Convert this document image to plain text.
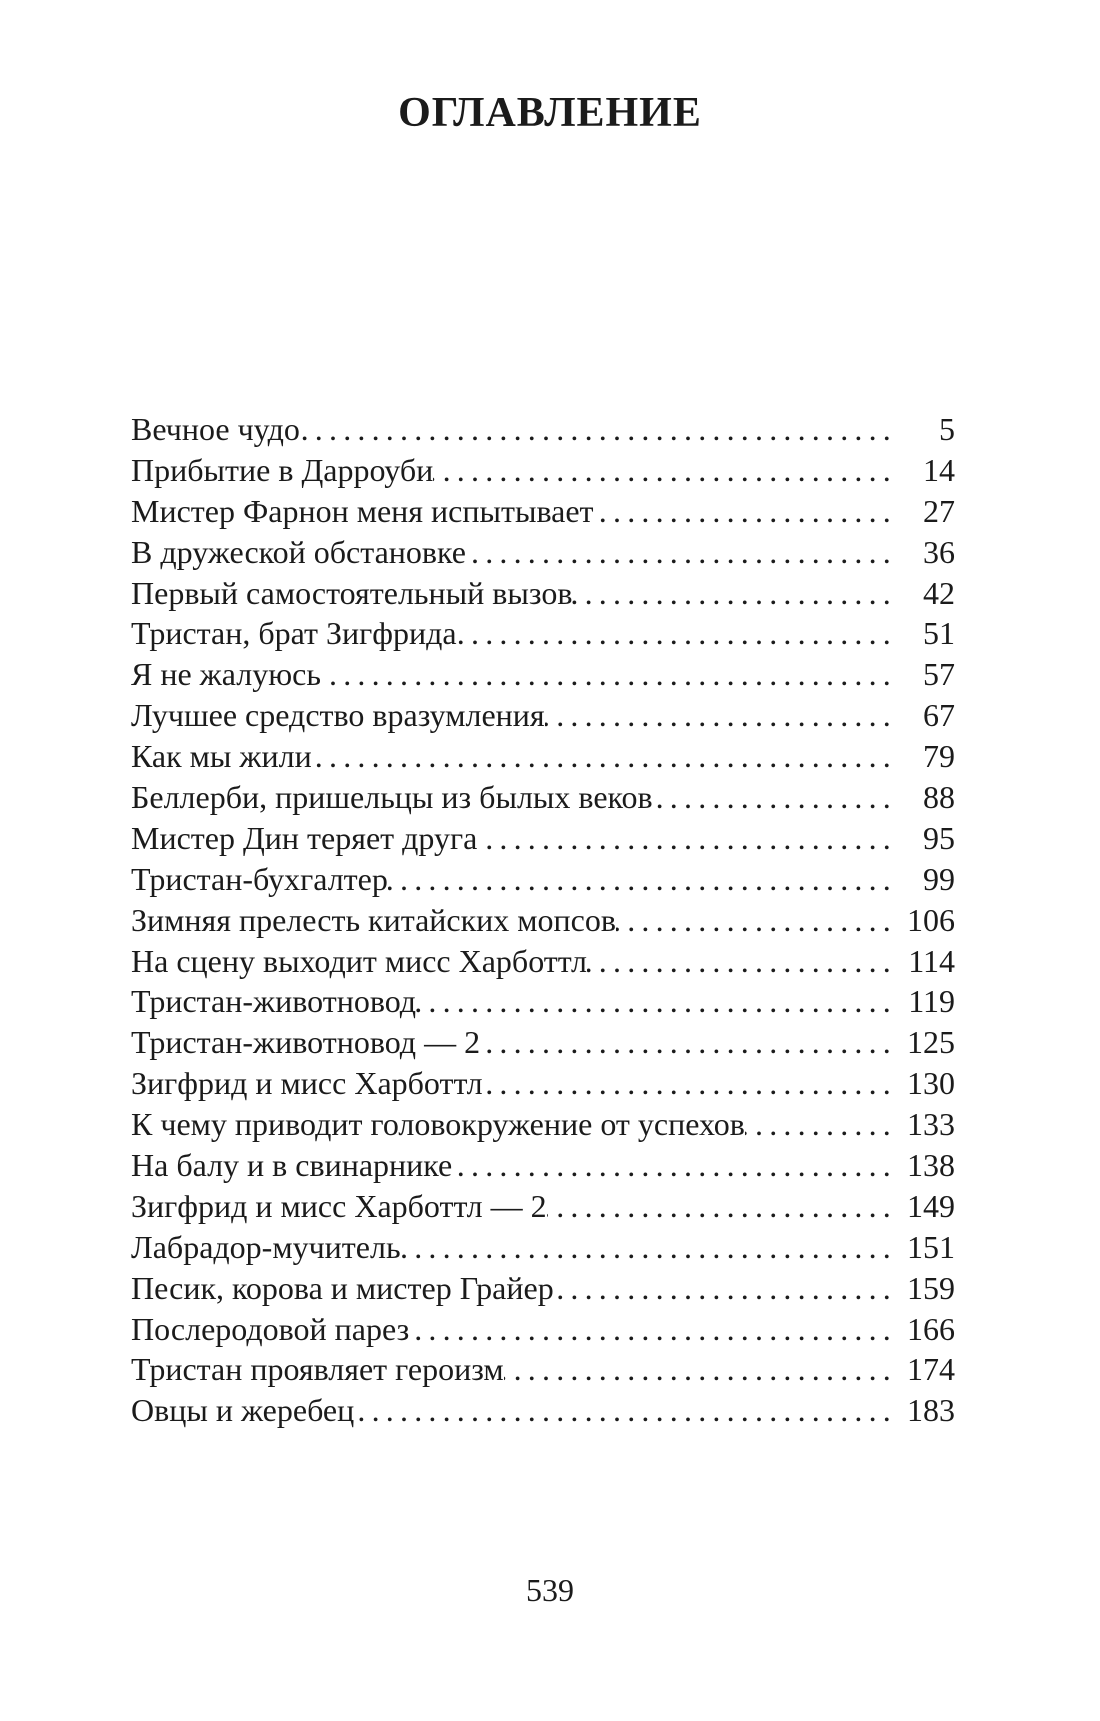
ОГЛАВЛЕНИЕ
Вечное чудо .....	5
Прибытие в Дарроуби .....	14
Мистер Фарнон меня испытывает .....	27
В дружеской обстановке .....	36
Первый самостоятельный вызов .....	42
Тристан, брат Зигфрида .....	51
Я не жалуюсь .....	57
Лучшее средство вразумления .....	67
Как мы жили .....	79
Беллерби, пришельцы из былых веков .....	88
Мистер Дин теряет друга .....	95
Тристан-бухгалтер .....	99
Зимняя прелесть китайских мопсов .....	106
На сцену выходит мисс Харботтл .....	114
Тристан-животновод .....	119
Тристан-животновод — 2 .....	125
Зигфрид и мисс Харботтл .....	130
К чему приводит головокружение от успехов .....	133
На балу и в свинарнике .....	138
Зигфрид и мисс Харботтл — 2 .....	149
Лабрадор-мучитель .....	151
Песик, корова и мистер Грайер .....	159
Послеродовой парез .....	166
Тристан проявляет героизм .....	174
Овцы и жеребец .....	183
539
